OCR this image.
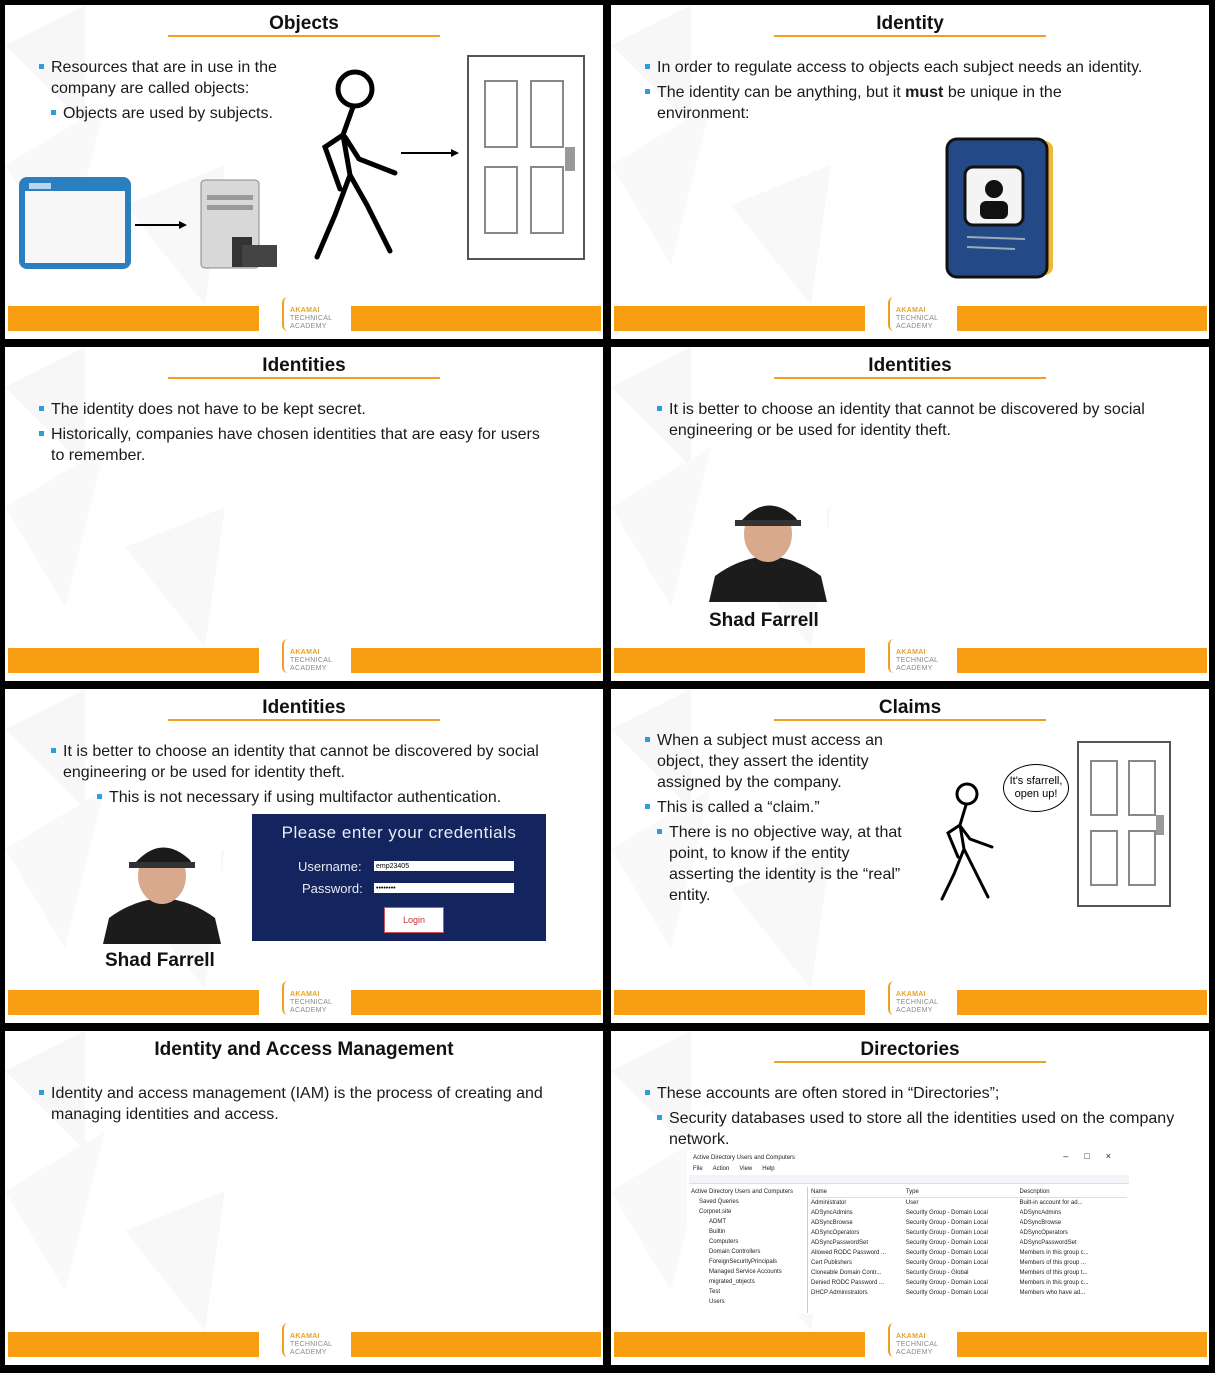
Objects
Resources that are in use in the company are called objects:
Objects are used by subjects.
AKAMAI
TECHNICAL
ACADEMY
Identity
In order to regulate access to objects each subject needs an identity.
The identity can be anything, but it must be unique in the environment:
AKAMAI
TECHNICAL
ACADEMY
Identities
The identity does not have to be kept secret.
Historically, companies have chosen identities that are easy for users to remember.
AKAMAI
TECHNICAL
ACADEMY
Identities
It is better to choose an identity that cannot be discovered by social engineering or be used for identity theft.
Shad Farrell
AKAMAI
TECHNICAL
ACADEMY
Identities
It is better to choose an identity that cannot be discovered by social engineering or be used for identity theft.
This is not necessary if using multifactor authentication.
Shad Farrell
Please enter your credentials
Username:
emp23405
Password:
••••••••
Login
AKAMAI
TECHNICAL
ACADEMY
Claims
When a subject must access an object, they assert the identity assigned by the company.
This is called a “claim.”
There is no objective way, at that point, to know if the entity asserting the identity is the “real” entity.
It's sfarrell, open up!
AKAMAI
TECHNICAL
ACADEMY
Identity and Access Management
Identity and access management (IAM) is the process of creating and managing identities and access.
AKAMAI
TECHNICAL
ACADEMY
Directories
These accounts are often stored in “Directories”;
Security databases used to store all the identities used on the company network.
Active Directory Users and Computers	–□×
File Action View Help
Active Directory Users and Computers
Saved Queries
Corpnet.site
ADMT
Builtin
Computers
Domain Controllers
ForeignSecurityPrincipals
Managed Service Accounts
migrated_objects
Test
Users
Name	Type	Description
Administrator	User	Built-in account for ad...
ADSyncAdmins	Security Group - Domain Local	ADSyncAdmins
ADSyncBrowse	Security Group - Domain Local	ADSyncBrowse
ADSyncOperators	Security Group - Domain Local	ADSyncOperators
ADSyncPasswordSet	Security Group - Domain Local	ADSyncPasswordSet
Allowed RODC Password ...	Security Group - Domain Local	Members in this group c...
Cert Publishers	Security Group - Domain Local	Members of this group ...
Cloneable Domain Contr...	Security Group - Global	Members of this group t...
Denied RODC Password ...	Security Group - Domain Local	Members in this group c...
DHCP Administrators	Security Group - Domain Local	Members who have ad...
AKAMAI
TECHNICAL
ACADEMY
